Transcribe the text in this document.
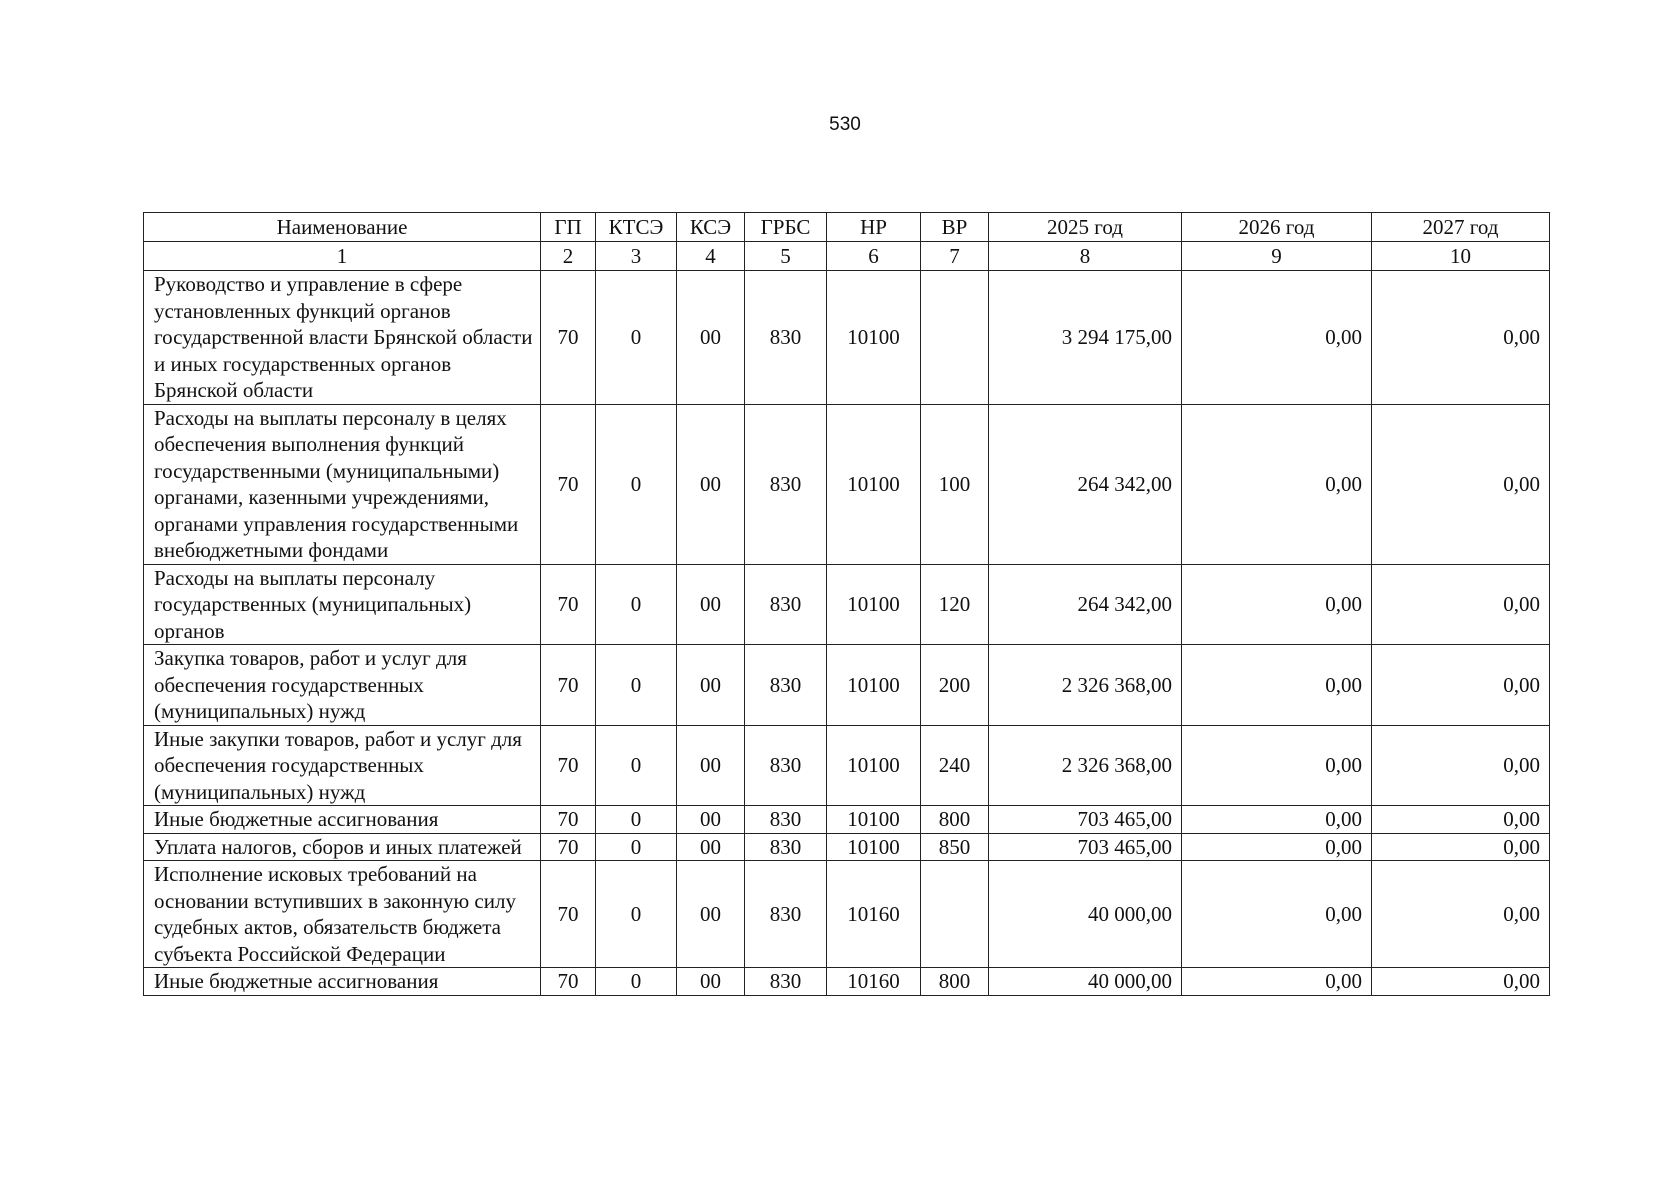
530
Наименование	ГП	КТСЭ	КСЭ	ГРБС	НР	ВР	2025 год	2026 год	2027 год
1	2	3	4	5	6	7	8	9	10
Руководство и управление в сфере установленных функций органов государственной власти Брянской области и иных государственных органов Брянской области	70	0	00	830	10100		3 294 175,00	0,00	0,00
Расходы на выплаты персоналу в целях обеспечения выполнения функций государственными (муниципальными) органами, казенными учреждениями, органами управления государственными внебюджетными фондами	70	0	00	830	10100	100	264 342,00	0,00	0,00
Расходы на выплаты персоналу государственных (муниципальных) органов	70	0	00	830	10100	120	264 342,00	0,00	0,00
Закупка товаров, работ и услуг для обеспечения государственных (муниципальных) нужд	70	0	00	830	10100	200	2 326 368,00	0,00	0,00
Иные закупки товаров, работ и услуг для обеспечения государственных (муниципальных) нужд	70	0	00	830	10100	240	2 326 368,00	0,00	0,00
Иные бюджетные ассигнования	70	0	00	830	10100	800	703 465,00	0,00	0,00
Уплата налогов, сборов и иных платежей	70	0	00	830	10100	850	703 465,00	0,00	0,00
Исполнение исковых требований на основании вступивших в законную силу судебных актов, обязательств бюджета субъекта Российской Федерации	70	0	00	830	10160		40 000,00	0,00	0,00
Иные бюджетные ассигнования	70	0	00	830	10160	800	40 000,00	0,00	0,00
